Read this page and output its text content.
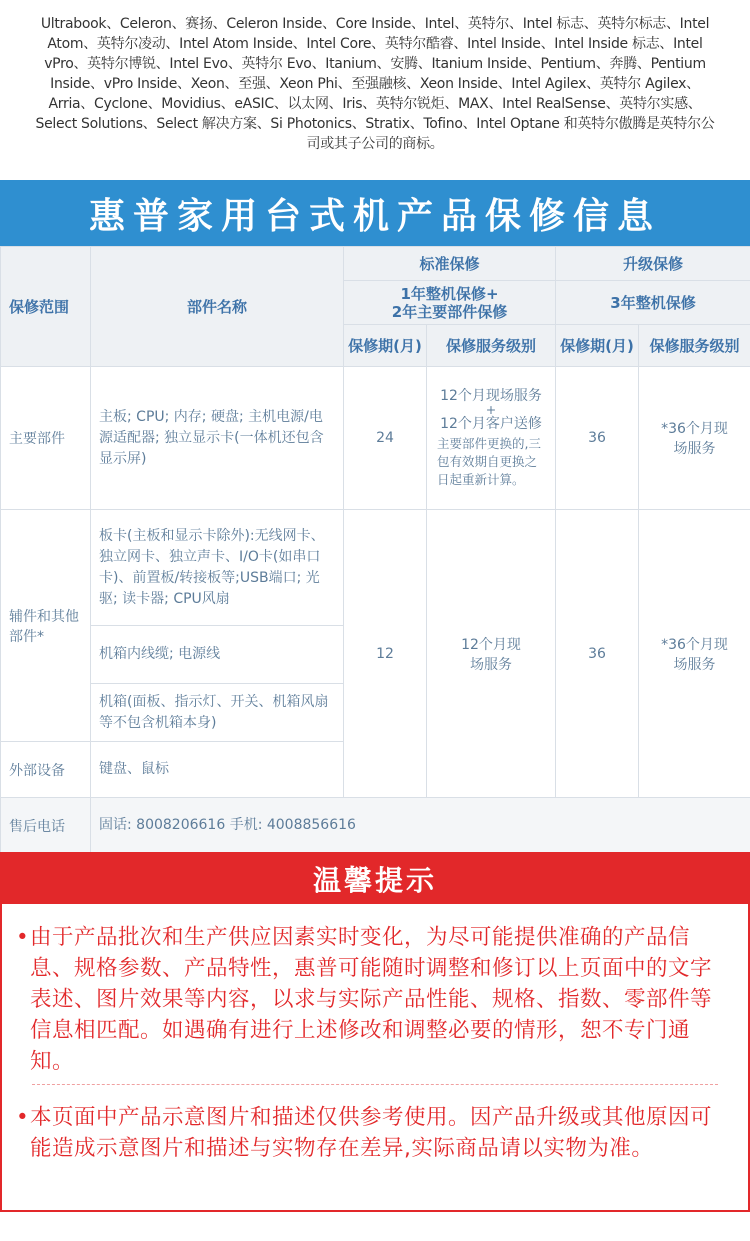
Ultrabook、Celeron、赛扬、Celeron Inside、Core Inside、Intel、英特尔、Intel 标志、英特尔标志、Intel Atom、英特尔凌动、Intel Atom Inside、Intel Core、英特尔酷睿、Intel Inside、Intel Inside 标志、Intel vPro、英特尔博锐、Intel Evo、英特尔 Evo、Itanium、安腾、Itanium Inside、Pentium、奔腾、Pentium Inside、vPro Inside、Xeon、至强、Xeon Phi、至强融核、Xeon Inside、Intel Agilex、英特尔 Agilex、Arria、Cyclone、Movidius、eASIC、以太网、Iris、英特尔锐炬、MAX、Intel RealSense、英特尔实感、Select Solutions、Select 解决方案、Si Photonics、Stratix、Tofino、Intel Optane 和英特尔傲腾是英特尔公司或其子公司的商标。
惠普家用台式机产品保修信息
保修范围	部件名称	标准保修		升级保修	

		1年整机保修+
2年主要部件保修		3年整机保修	
		保修期(月)	保修服务级别	保修期(月)	保修服务级别
主要部件	主板; CPU; 内存; 硬盘; 主机电源/电源适配器; 独立显示卡(一体机还包含显示屏)	24	12个月现场服务
+
12个月客户送修
主要部件更换的,三包有效期自更换之日起重新计算。	36	*36个月现场服务
辅件和其他部件*	板卡(主板和显示卡除外):无线网卡、独立网卡、独立声卡、I/O卡(如串口卡)、前置板/转接板等;USB端口; 光驱; 读卡器; CPU风扇	12	12个月现场服务	36	*36个月现场服务
	机箱内线缆; 电源线				
	机箱(面板、指示灯、开关、机箱风扇等不包含机箱本身)				
外部设备	键盘、鼠标				
售后电话	固话: 8008206616 手机: 4008856616				
温馨提示
• 由于产品批次和生产供应因素实时变化，为尽可能提供准确的产品信息、规格参数、产品特性，惠普可能随时调整和修订以上页面中的文字表述、图片效果等内容，以求与实际产品性能、规格、指数、零部件等信息相匹配。如遇确有进行上述修改和调整必要的情形，恕不专门通知。
• 本页面中产品示意图片和描述仅供参考使用。因产品升级或其他原因可能造成示意图片和描述与实物存在差异,实际商品请以实物为准。
